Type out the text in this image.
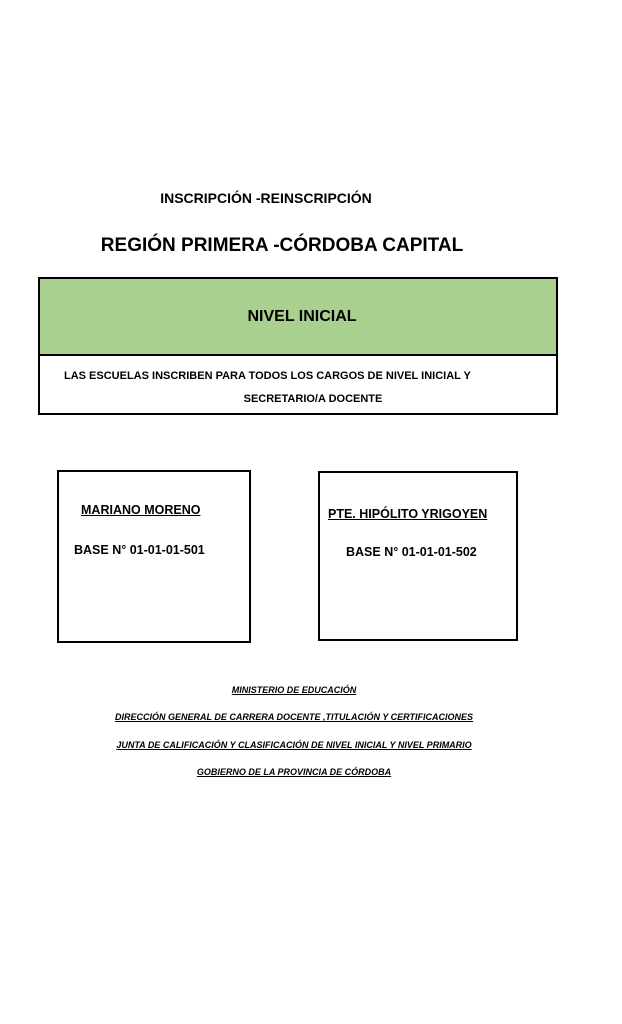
INSCRIPCIÓN -REINSCRIPCIÓN
REGIÓN PRIMERA -CÓRDOBA CAPITAL
NIVEL INICIAL
LAS ESCUELAS INSCRIBEN PARA TODOS LOS CARGOS DE NIVEL INICIAL Y
SECRETARIO/A DOCENTE
MARIANO MORENO
BASE N° 01-01-01-501
PTE. HIPÓLITO YRIGOYEN
BASE N° 01-01-01-502
MINISTERIO DE EDUCACIÓN
DIRECCIÓN GENERAL DE CARRERA DOCENTE ,TITULACIÓN Y CERTIFICACIONES
JUNTA DE CALIFICACIÓN Y CLASIFICACIÓN DE NIVEL INICIAL Y NIVEL PRIMARIO
GOBIERNO DE LA PROVINCIA DE CÓRDOBA
